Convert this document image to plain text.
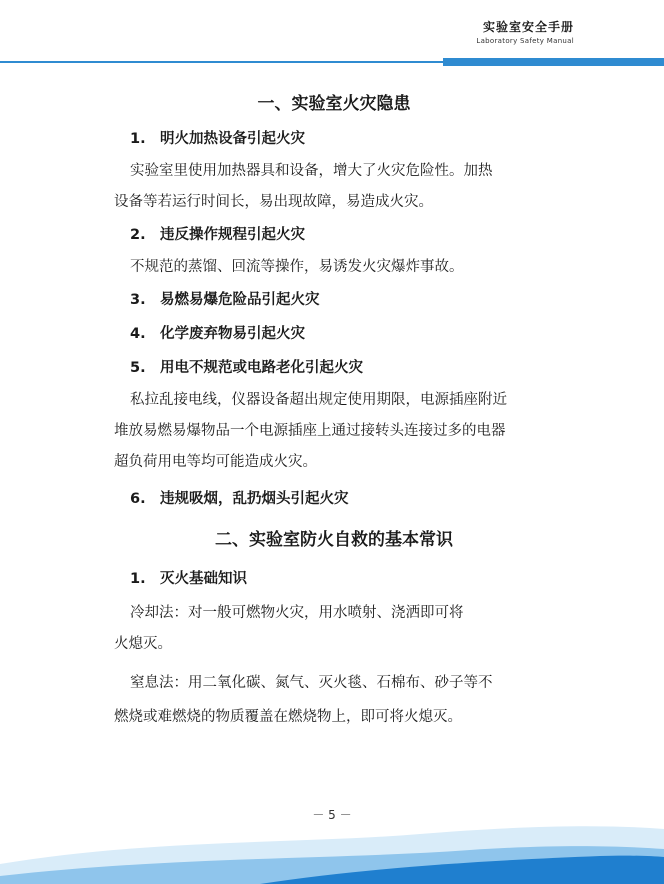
实验室安全手册
Laboratory Safety Manual

一、实验室火灾隐患

1. 明火加热设备引起火灾

实验室里使用加热器具和设备，增大了火灾危险性。加热

设备等若运行时间长，易出现故障，易造成火灾。

2. 违反操作规程引起火灾

不规范的蒸馏、回流等操作，易诱发火灾爆炸事故。

3. 易燃易爆危险品引起火灾

4. 化学废弃物易引起火灾

5. 用电不规范或电路老化引起火灾

私拉乱接电线，仪器设备超出规定使用期限，电源插座附近

堆放易燃易爆物品一个电源插座上通过接转头连接过多的电器

超负荷用电等均可能造成火灾。

6. 违规吸烟，乱扔烟头引起火灾

二、实验室防火自救的基本常识

1. 灭火基础知识

冷却法：对一般可燃物火灾，用水喷射、浇洒即可将

火熄灭。

窒息法：用二氧化碳、氮气、灭火毯、石棉布、砂子等不

燃烧或难燃烧的物质覆盖在燃烧物上，即可将火熄灭。

－ 5 －
